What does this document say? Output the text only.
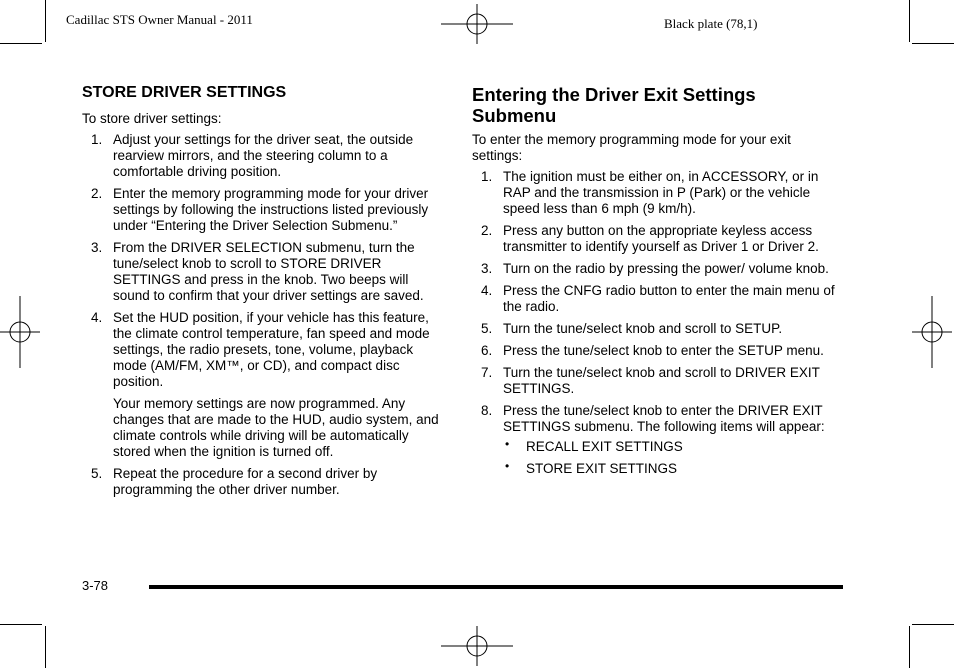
Cadillac STS Owner Manual - 2011	Black plate (78,1)
STORE DRIVER SETTINGS
To store driver settings:
1. Adjust your settings for the driver seat, the outside rearview mirrors, and the steering column to a comfortable driving position.
2. Enter the memory programming mode for your driver settings by following the instructions listed previously under “Entering the Driver Selection Submenu.”
3. From the DRIVER SELECTION submenu, turn the tune/select knob to scroll to STORE DRIVER SETTINGS and press in the knob. Two beeps will sound to confirm that your driver settings are saved.
4. Set the HUD position, if your vehicle has this feature, the climate control temperature, fan speed and mode settings, the radio presets, tone, volume, playback mode (AM/FM, XM™, or CD), and compact disc position.
Your memory settings are now programmed. Any changes that are made to the HUD, audio system, and climate controls while driving will be automatically stored when the ignition is turned off.
5. Repeat the procedure for a second driver by programming the other driver number.
Entering the Driver Exit Settings Submenu
To enter the memory programming mode for your exit settings:
1. The ignition must be either on, in ACCESSORY, or in RAP and the transmission in P (Park) or the vehicle speed less than 6 mph (9 km/h).
2. Press any button on the appropriate keyless access transmitter to identify yourself as Driver 1 or Driver 2.
3. Turn on the radio by pressing the power/ volume knob.
4. Press the CNFG radio button to enter the main menu of the radio.
5. Turn the tune/select knob and scroll to SETUP.
6. Press the tune/select knob to enter the SETUP menu.
7. Turn the tune/select knob and scroll to DRIVER EXIT SETTINGS.
8. Press the tune/select knob to enter the DRIVER EXIT SETTINGS submenu. The following items will appear:
• RECALL EXIT SETTINGS
• STORE EXIT SETTINGS
3-78
